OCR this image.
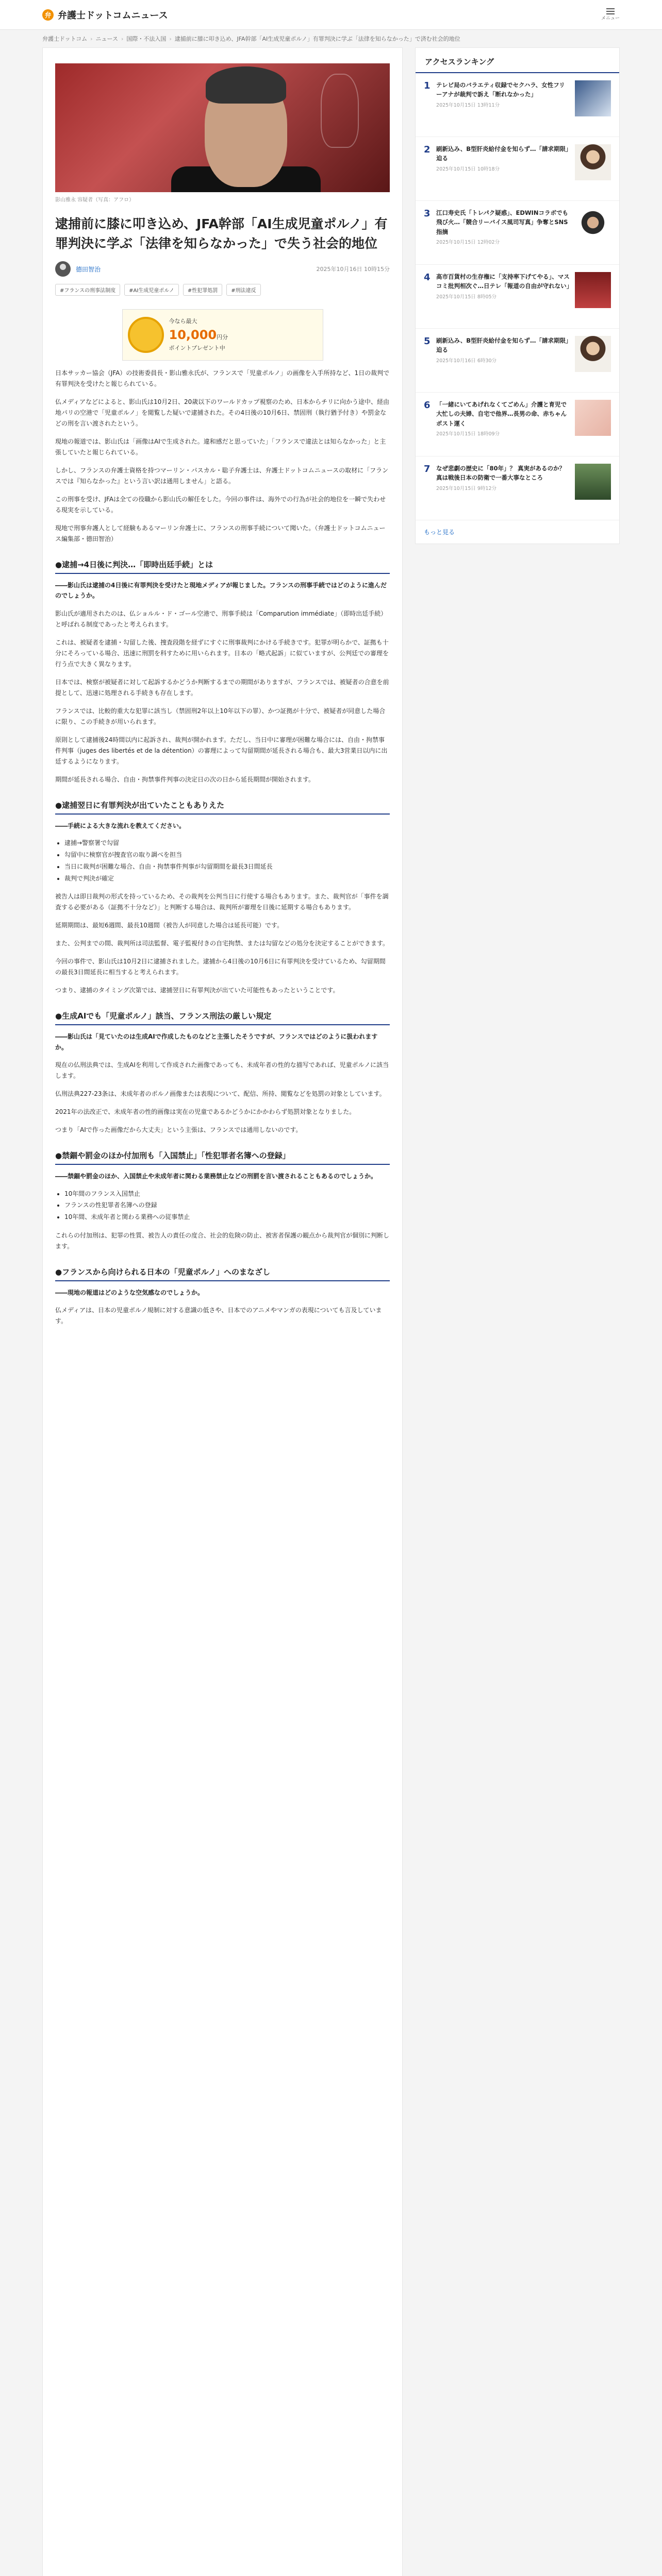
弁 弁護士ドットコムニュース	メニュー
弁護士ドットコム › ニュース › 国際・不法入国 › 逮捕前に膝に叩き込め、JFA幹部「AI生成児童ポルノ」有罪判決に学ぶ「法律を知らなかった」で済む社会的地位
影山雅永 容疑者（写真：アフロ）
逮捕前に膝に叩き込め、JFA幹部「AI生成児童ポルノ」有罪判決に学ぶ「法律を知らなかった」で失う社会的地位
德田智治	2025年10月16日 10時15分
#フランスの刑事法制度	#AI生成児童ポルノ	#性犯罪処罰	#刑法違反
今なら最大
10,000円分
ポイントプレゼント中

日本サッカー協会（JFA）の技術委員長・影山雅永氏が、フランスで「児童ポルノ」の画像を入手所持など、1日の裁判で有罪判決を受けたと報じられている。

仏メディアなどによると、影山氏は10月2日、20歳以下のワールドカップ視察のため、日本からチリに向かう途中、経由地パリの空港で「児童ポルノ」を閲覧した疑いで逮捕された。その4日後の10月6日、禁固刑（執行猶予付き）や罰金などの刑を言い渡されたという。

現地の報道では、影山氏は「画像はAIで生成された。違和感だと思っていた」「フランスで違法とは知らなかった」と主張していたと報じられている。

しかし、フランスの弁護士資格を持つマーリン・パスカル・聡子弁護士は、弁護士ドットコムニュースの取材に「フランスでは『知らなかった』という言い訳は通用しません」と語る。

この刑事を受け、JFAは全ての役職から影山氏の解任をした。今回の事件は、海外での行為が社会的地位を一瞬で失わせる現実を示している。

現地で刑事弁護人として経験もあるマーリン弁護士に、フランスの刑事手続について聞いた。（弁護士ドットコムニュース編集部・德田智治）

●逮捕→4日後に判決…「即時出廷手続」とは

――影山氏は逮捕の4日後に有罪判決を受けたと現地メディアが報じました。フランスの刑事手続ではどのように進んだのでしょうか。

影山氏が適用されたのは、仏ショルル・ド・ゴール空港で、刑事手続は「Comparution immédiate」（即時出廷手続）と呼ばれる制度であったと考えられます。

これは、被疑者を逮捕・勾留した後、捜査段階を経ずにすぐに刑事裁判にかける手続きです。犯罪が明らかで、証拠も十分にそろっている場合、迅速に刑罰を科すために用いられます。日本の「略式起訴」に似ていますが、公判廷での審理を行う点で大きく異なります。

日本では、検察が被疑者に対して起訴するかどうか判断するまでの期間がありますが、フランスでは、被疑者の合意を前提として、迅速に処理される手続きも存在します。

フランスでは、比較的重大な犯罪に該当し（禁固刑2年以上10年以下の罪）、かつ証拠が十分で、被疑者が同意した場合に限り、この手続きが用いられます。

原則として逮捕後24時間以内に起訴され、裁判が開かれます。ただし、当日中に審理が困難な場合には、自由・拘禁事件判事（juges des libertés et de la détention）の審理によって勾留期間が延長される場合も、最大3営業日以内に出廷するようになります。

期間が延長される場合、自由・拘禁事件判事の決定日の次の日から延長期間が開始されます。

●逮捕翌日に有罪判決が出ていたこともありえた

――手続による大きな流れを教えてください。

• 逮捕→警察署で勾留
• 勾留中に検察官が捜査官の取り調べを担当
• 当日に裁判が困難な場合、自由・拘禁事件判事が勾留期間を最長3日間延長
• 裁判で判決が確定

被告人は即日裁判の形式を持っているため、その裁判を公判当日に行使する場合もあります。また、裁判官が「事件を調査する必要がある（証拠不十分など）」と判断する場合は、裁判所が審理を日後に延期する場合もあります。

延期期間は、最短6週間、最長10週間（被告人が同意した場合は延長可能）です。

また、公判までの間、裁判所は司法監督、電子監視付きの自宅拘禁、または勾留などの処分を決定することができます。

今回の事件で、影山氏は10月2日に逮捕されました。逮捕から4日後の10月6日に有罪判決を受けているため、勾留期間の最長3日間延長に相当すると考えられます。

つまり、逮捕のタイミング次第では、逮捕翌日に有罪判決が出ていた可能性もあったということです。

●生成AIでも「児童ポルノ」該当、フランス刑法の厳しい規定

――影山氏は「見ていたのは生成AIで作成したものなどと主張したそうですが、フランスではどのように扱われますか。

現在の仏刑法典では、生成AIを利用して作成された画像であっても、未成年者の性的な描写であれば、児童ポルノに該当します。

仏刑法典227-23条は、未成年者のポルノ画像または表現について、配信、所持、閲覧などを処罰の対象としています。

2021年の法改正で、未成年者の性的画像は実在の児童であるかどうかにかかわらず処罰対象となりました。

つまり「AIで作った画像だから大丈夫」という主張は、フランスでは通用しないのです。

●禁錮や罰金のほか付加刑も「入国禁止」「性犯罪者名簿への登録」

――禁錮や罰金のほか、入国禁止や未成年者に関わる業務禁止などの刑罰を言い渡されることもあるのでしょうか。

• 10年間のフランス入国禁止
• フランスの性犯罪者名簿への登録
• 10年間、未成年者と関わる業務への従事禁止

これらの付加刑は、犯罪の性質、被告人の責任の度合、社会的危険の防止、被害者保護の観点から裁判官が個別に判断します。

●フランスから向けられる日本の「児童ポルノ」へのまなざし

――現地の報道はどのような空気感なのでしょうか。

仏メディアは、日本の児童ポルノ規制に対する意識の低さや、日本でのアニメやマンガの表現についても言及しています。

アクセスランキング
1 テレビ局のバラエティ収録でセクハラ、女性フリーアナが裁判で訴え「断れなかった」
2025年10月15日 13時11分
2 刷新込み、B型肝炎給付金を知らず…「請求期限」迫る
2025年10月15日 10時18分
3 江口寿史氏「トレパク疑惑」、EDWINコラボでも飛び火…「競合リーバイス風司写真」争奪とSNS指摘
2025年10月15日 12時02分
4 高市百貨村の生存権に「支持率下げてやる」、マスコミ批判相次ぐ…日テレ「報道の自由が守れない」
2025年10月15日 8時05分
5 刷新込み、B型肝炎給付金を知らず…「請求期限」迫る
2025年10月16日 6時30分
6 「一緒にいてあげれなくてごめん」介護と育児で大忙しの夫婦、自宅で他界…長男の命、赤ちゃんポスト運く
2025年10月15日 18時09分
7 なぜ悲劇の歴史に「80年」？ 真実があるのか？ 真は戦後日本の防衛で一番大事なところ
2025年10月15日 9時12分
もっと見る
